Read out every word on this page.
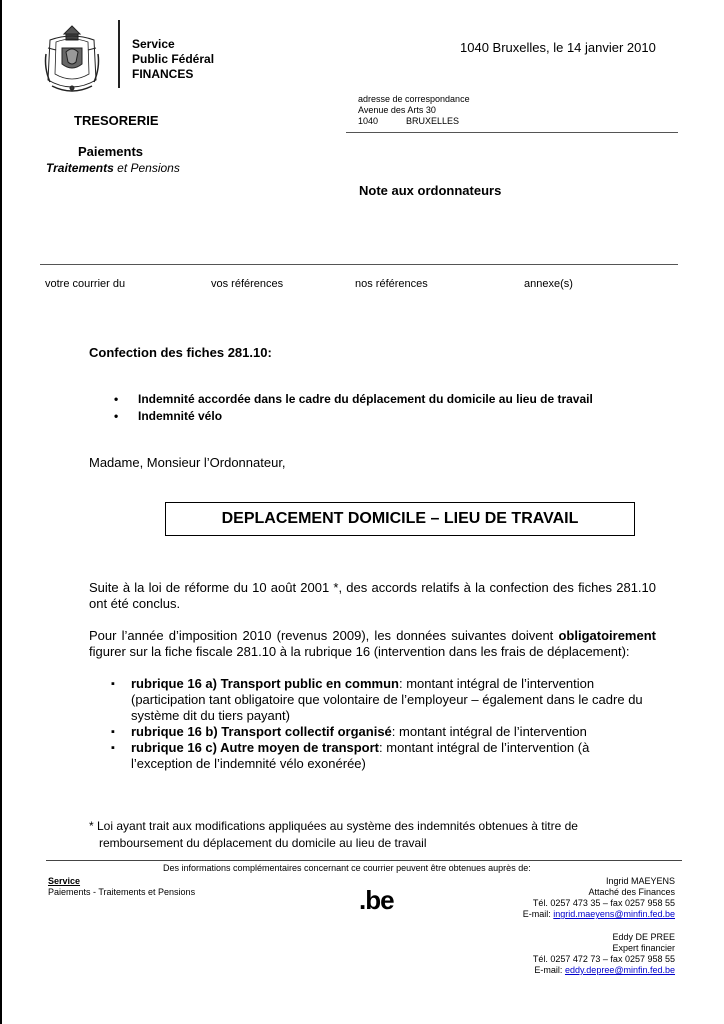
Service
Public Fédéral
FINANCES
1040 Bruxelles, le 14 janvier 2010
adresse de correspondance
Avenue des Arts 30
1040	BRUXELLES
TRESORERIE
Paiements
Traitements et Pensions
Note aux ordonnateurs
votre courrier du	vos références	nos références	annexe(s)
Confection des fiches 281.10:
• Indemnité accordée dans le cadre du déplacement du domicile au lieu de travail
• Indemnité vélo
Madame, Monsieur l’Ordonnateur,
DEPLACEMENT DOMICILE – LIEU DE TRAVAIL
Suite à la loi de réforme du 10 août 2001 *, des accords relatifs à la confection des fiches 281.10 ont été conclus.
Pour l’année d’imposition 2010 (revenus 2009), les données suivantes doivent obligatoirement figurer sur la fiche fiscale 281.10 à la rubrique 16 (intervention dans les frais de déplacement):
▪ rubrique 16 a) Transport public en commun: montant intégral de l’intervention (participation tant obligatoire que volontaire de l’employeur – également dans le cadre du système dit du tiers payant)
▪ rubrique 16 b) Transport collectif organisé: montant intégral de l’intervention
▪ rubrique 16 c) Autre moyen de transport: montant intégral de l’intervention (à l’exception de l’indemnité vélo exonérée)
* Loi ayant trait aux modifications appliquées au système des indemnités obtenues à titre de remboursement du déplacement du domicile au lieu de travail
Des informations complémentaires concernant ce courrier peuvent être obtenues auprès de:
Service
Paiements - Traitements et Pensions	.be
Ingrid MAEYENS
Attaché des Finances
Tél. 0257 473 35 – fax 0257 958 55
E-mail: ingrid.maeyens@minfin.fed.be
Eddy DE PREE
Expert financier
Tél. 0257 472 73 – fax 0257 958 55
E-mail: eddy.depree@minfin.fed.be
